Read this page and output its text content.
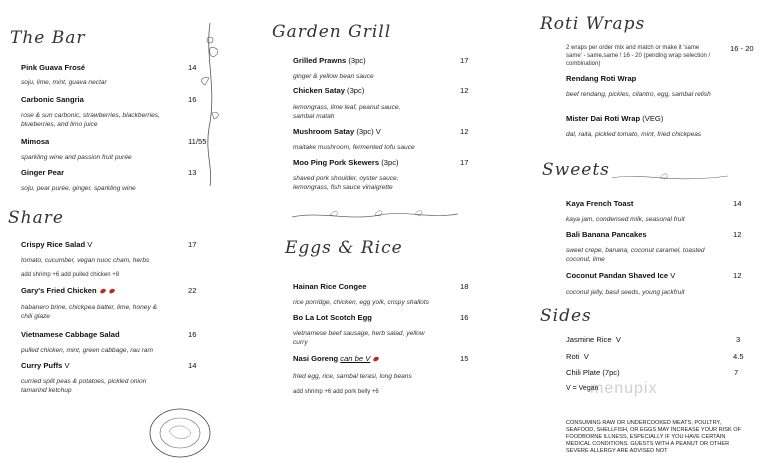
The Bar
Pink Guava Frosé	14
soju, lime, mint, guava nectar
Carbonic Sangria	16
rose & sun carbonic, strawberries, blackberries, blueberries, and limo juice
Mimosa	11/55
sparkling wine and passion fruit purée
Ginger Pear	13
soju, pear purée, ginger, sparkling wine
Share
Crispy Rice Salad V	17
tomato, cucumber, vegan nuoc cham, herbs
add shrimp +6 add pulled chicken +8
Gary's Fried Chicken	22
habanero brine, chickpea batter, lime, honey & chili glaze
Vietnamese Cabbage Salad	16
pulled chicken, mint, green cabbage, rau ram
Curry Puffs V	14
curried split peas & potatoes, pickled onion tamarind ketchup
Garden Grill
Grilled Prawns (3pc)	17
ginger & yellow bean sauce
Chicken Satay (3pc)	12
lemongrass, lime leaf, peanut sauce, sambal matah
Mushroom Satay (3pc) V	12
maitake mushroom, fermented tofu sauce
Moo Ping Pork Skewers (3pc)	17
shaved pork shoulder, oyster sauce, lemongrass, fish sauce vinaigrette
Eggs & Rice
Hainan Rice Congee	18
rice porridge, chicken, egg yolk, crispy shallots
Bo La Lot Scotch Egg	16
vietnamese beef sausage, herb salad, yellow curry
Nasi Goreng can be V	15
fried egg, rice, sambal terasi, long beans
add shrimp +6 add pork belly +6
Roti Wraps
2 wraps per order mix and match or make it 'same same' - same,same ! 16 - 20 (pending wrap selection / combination)
16 - 20
Rendang Roti Wrap
beef rendang, pickles, cilantro, egg, sambal relish
Mister Dai Roti Wrap (VEG)
dal, raita, pickled tomato, mint, fried chickpeas
Sweets
Kaya French Toast	14
kaya jam, condensed milk, seasonal fruit
Bali Banana Pancakes	12
sweet crepe, banana, coconut caramel, toasted coconut, lime
Coconut Pandan Shaved Ice V	12
coconut jelly, basil seeds, young jackfruit
Sides
Jasmine Rice V	3
Roti V	4.5
Chili Plate (7pc)	7
V = Vegan
menupix
CONSUMING RAW OR UNDERCOOKED MEATS, POULTRY, SEAFOOD, SHELLFISH, OR EGGS MAY INCREASE YOUR RISK OF FOODBORNE ILLNESS, ESPECIALLY IF YOU HAVE CERTAIN MEDICAL CONDITIONS. GUESTS WITH A PEANUT OR OTHER SEVERE ALLERGY ARE ADVISED NOT
